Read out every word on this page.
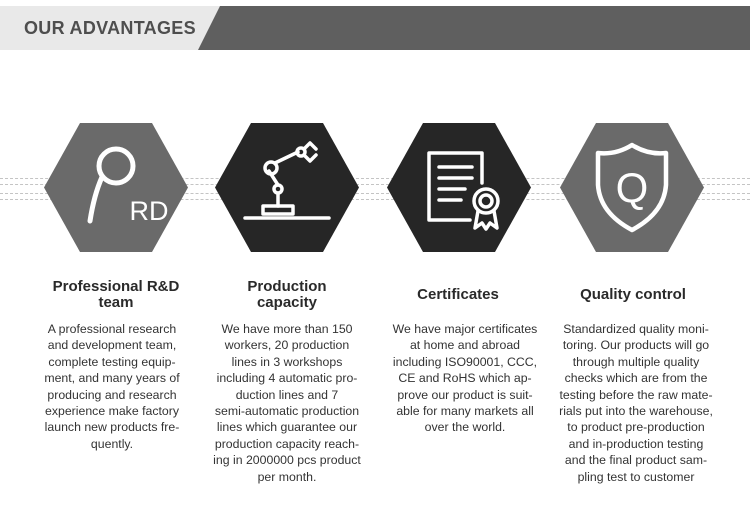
OUR ADVANTAGES
RD	Q
Professional R&D
team
Production
capacity	Certificates	Quality control
A professional research
and development team,
complete testing equip-
ment, and many years of
producing and research
experience make factory
launch new products fre-
quently.
We have more than 150
workers, 20 production
lines in 3 workshops
including 4 automatic pro-
duction lines and 7
semi-automatic production
lines which guarantee our
production capacity reach-
ing in 2000000 pcs product
per month.
We have major certificates
at home and abroad
including ISO90001, CCC,
CE and RoHS which ap-
prove our product is suit-
able for many markets all
over the world.
Standardized quality moni-
toring. Our products will go
through multiple quality
checks which are from the
testing before the raw mate-
rials put into the warehouse,
to product pre-production
and in-production testing
and the final product sam-
pling test to customer
